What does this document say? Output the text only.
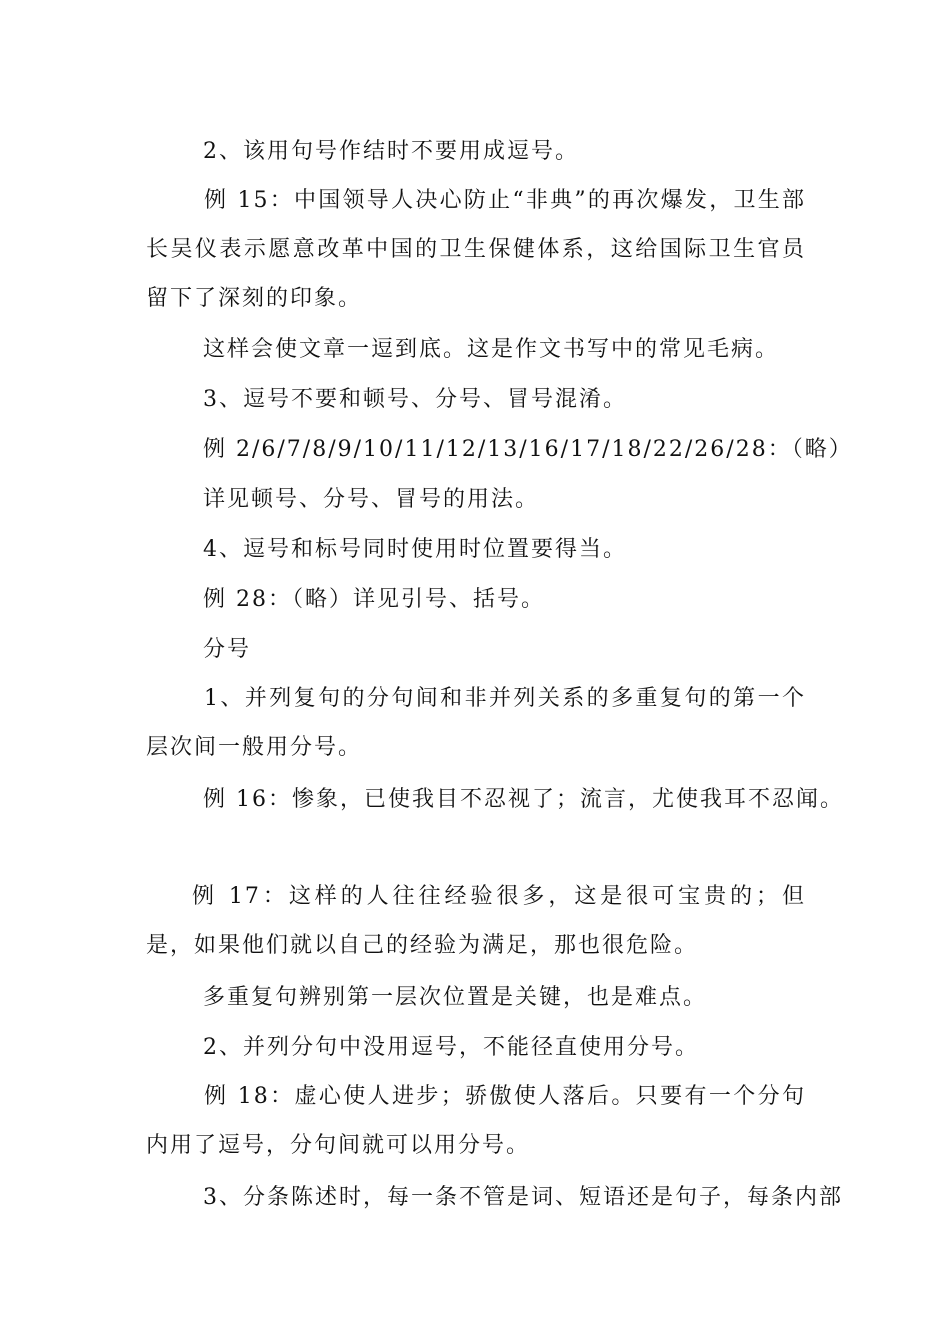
2、该用句号作结时不要用成逗号。
例 15：中国领导人决心防止“非典”的再次爆发，卫生部长吴仪表示愿意改革中国的卫生保健体系，这给国际卫生官员留下了深刻的印象。
这样会使文章一逗到底。这是作文书写中的常见毛病。
3、逗号不要和顿号、分号、冒号混淆。
例 2/6/7/8/9/10/11/12/13/16/17/18/22/26/28：（略）
详见顿号、分号、冒号的用法。
4、逗号和标号同时使用时位置要得当。
例 28：（略）详见引号、括号。
分号
1、并列复句的分句间和非并列关系的多重复句的第一个层次间一般用分号。
例 16：惨象，已使我目不忍视了；流言，尤使我耳不忍闻。
例 17：这样的人往往经验很多，这是很可宝贵的；但是，如果他们就以自己的经验为满足，那也很危险。
多重复句辨别第一层次位置是关键，也是难点。
2、并列分句中没用逗号，不能径直使用分号。
例 18：虚心使人进步；骄傲使人落后。只要有一个分句内用了逗号，分句间就可以用分号。
3、分条陈述时，每一条不管是词、短语还是句子，每条内部
